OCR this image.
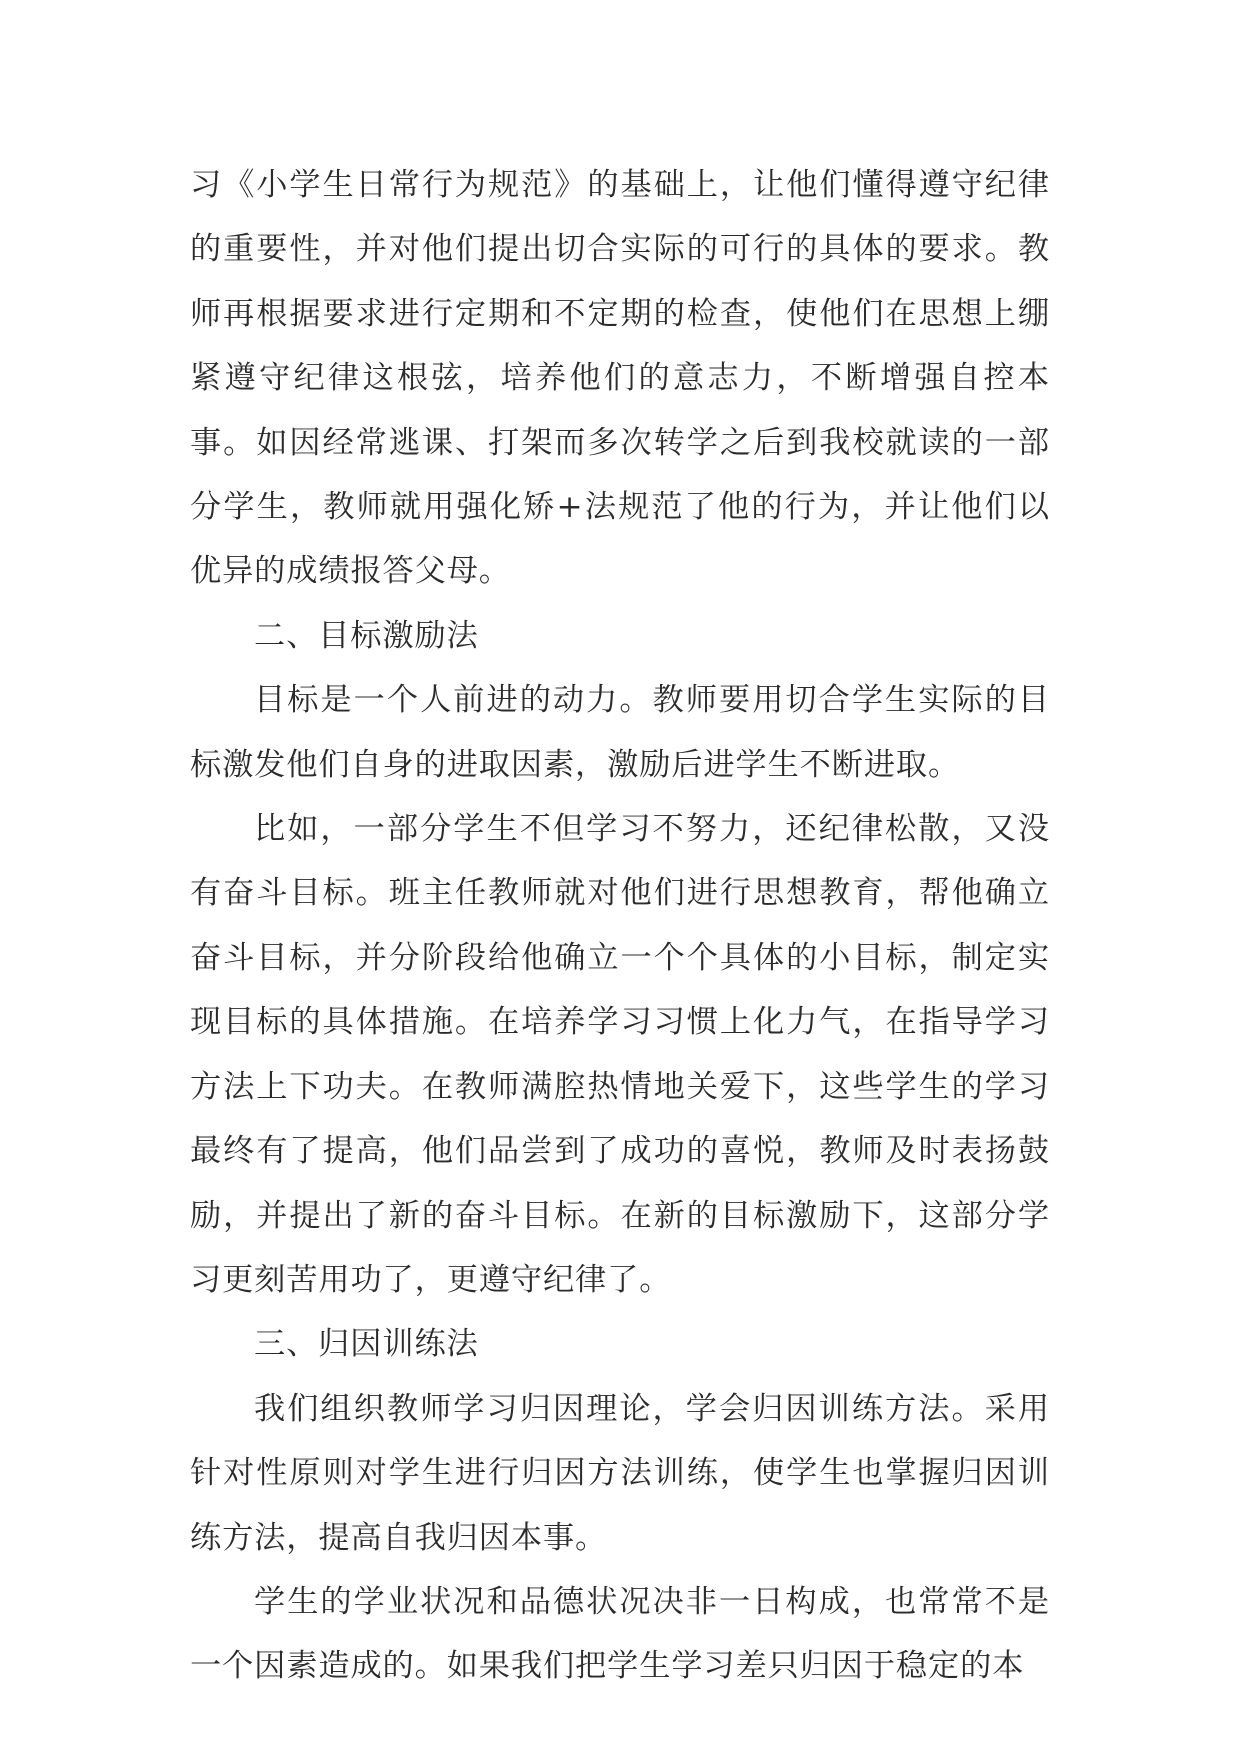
习《小学生日常行为规范》的基础上，让他们懂得遵守纪律的重要性，并对他们提出切合实际的可行的具体的要求。教师再根据要求进行定期和不定期的检查，使他们在思想上绷紧遵守纪律这根弦，培养他们的意志力，不断增强自控本事。如因经常逃课、打架而多次转学之后到我校就读的一部分学生，教师就用强化矫+法规范了他的行为，并让他们以优异的成绩报答父母。

二、目标激励法

目标是一个人前进的动力。教师要用切合学生实际的目标激发他们自身的进取因素，激励后进学生不断进取。

比如，一部分学生不但学习不努力，还纪律松散，又没有奋斗目标。班主任教师就对他们进行思想教育，帮他确立奋斗目标，并分阶段给他确立一个个具体的小目标，制定实现目标的具体措施。在培养学习习惯上化力气，在指导学习方法上下功夫。在教师满腔热情地关爱下，这些学生的学习最终有了提高，他们品尝到了成功的喜悦，教师及时表扬鼓励，并提出了新的奋斗目标。在新的目标激励下，这部分学习更刻苦用功了，更遵守纪律了。

三、归因训练法

我们组织教师学习归因理论，学会归因训练方法。采用针对性原则对学生进行归因方法训练，使学生也掌握归因训练方法，提高自我归因本事。

学生的学业状况和品德状况决非一日构成，也常常不是一个因素造成的。如果我们把学生学习差只归因于稳定的本
